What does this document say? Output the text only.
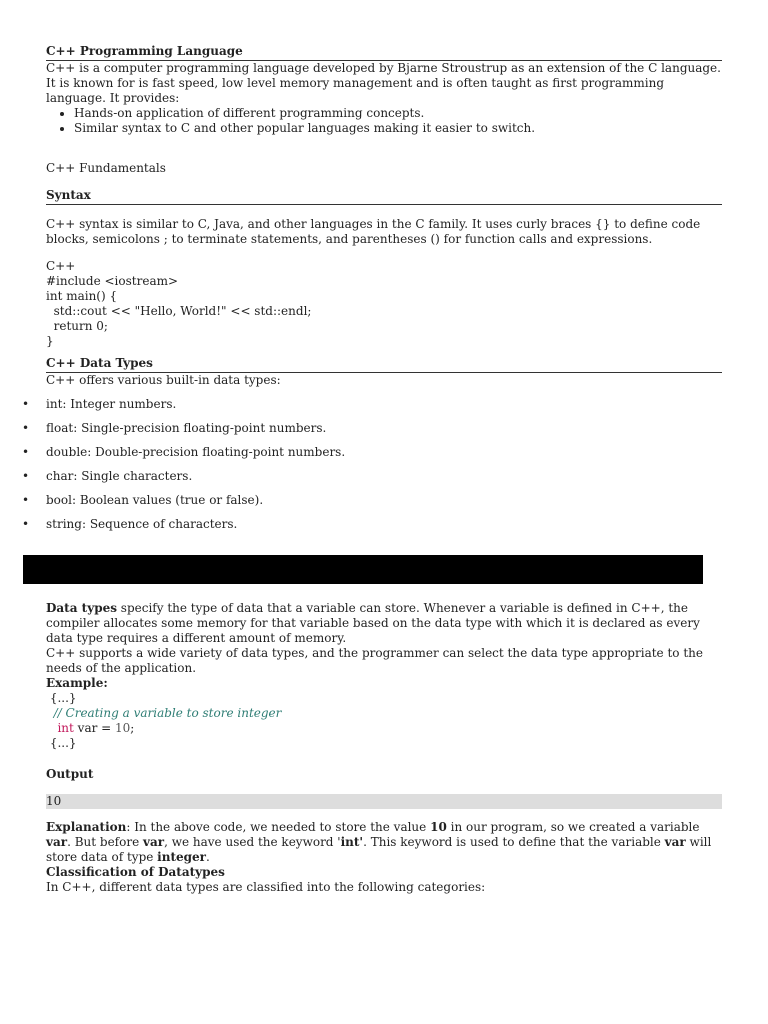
C++ Programming Language

C++ is a computer programming language developed by Bjarne Stroustrup as an extension of the C language. It is known for is fast speed, low level memory management and is often taught as first programming language. It provides:

• Hands-on application of different programming concepts.
• Similar syntax to C and other popular languages making it easier to switch.
C++ Fundamentals
Syntax

C++ syntax is similar to C, Java, and other languages in the C family. It uses curly braces {} to define code blocks, semicolons ; to terminate statements, and parentheses () for function calls and expressions.

C++
#include <iostream>
int main() {
std::cout << "Hello, World!" << std::endl;
return 0;
}
C++ Data Types

C++ offers various built-in data types:

• int: Integer numbers.
• float: Single-precision floating-point numbers.
• double: Double-precision floating-point numbers.
• char: Single characters.
• bool: Boolean values (true or false).
• string: Sequence of characters.

Data types specify the type of data that a variable can store. Whenever a variable is defined in C++, the compiler allocates some memory for that variable based on the data type with which it is declared as every data type requires a different amount of memory.

C++ supports a wide variety of data types, and the programmer can select the data type appropriate to the needs of the application.

Example:
{...}
// Creating a variable to store integer
int var = 10;
{...}
Output
10

Explanation: In the above code, we needed to store the value 10 in our program, so we created a variable var. But before var, we have used the keyword 'int'. This keyword is used to define that the variable var will store data of type integer.

Classification of Datatypes

In C++, different data types are classified into the following categories:
